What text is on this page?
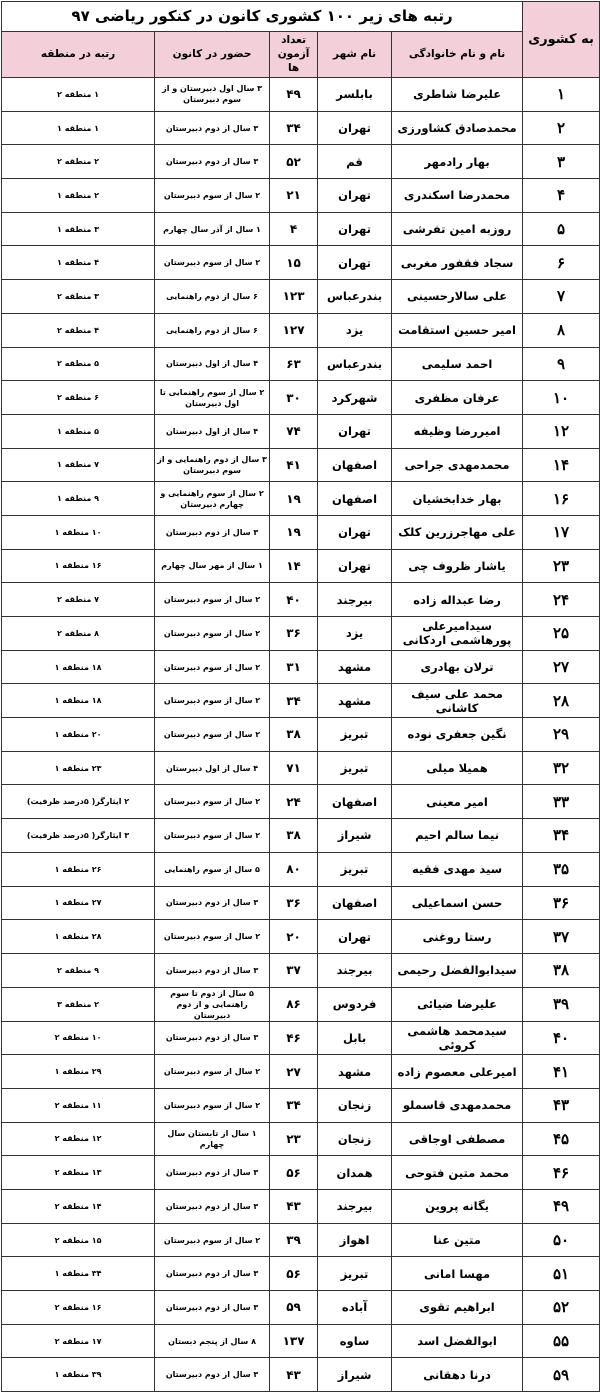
به کشوری	رتبه های زیر ۱۰۰ کشوری کانون در کنکور ریاضی ۹۷				
	نام و نام خانوادگی	نام شهر	تعداد آزمون ها	حضور در کانون	رتبه در منطقه
۱	علیرضا شاطری	بابلسر	۴۹	۳ سال اول دبیرستان و از سوم دبیرستان	۱ منطقه ۲
۲	محمدصادق کشاورزی	تهران	۳۴	۳ سال از دوم دبیرستان	۱ منطقه ۱
۳	بهار رادمهر	قم	۵۲	۳ سال از دوم دبیرستان	۲ منطقه ۲
۴	محمدرضا اسکندری	تهران	۲۱	۲ سال از سوم دبیرستان	۲ منطقه ۱
۵	روزبه امین تفرشی	تهران	۴	۱ سال از آذر سال چهارم	۳ منطقه ۱
۶	سجاد فقفور مغربی	تهران	۱۵	۲ سال از سوم دبیرستان	۴ منطقه ۱
۷	علی سالارحسینی	بندرعباس	۱۲۳	۶ سال از دوم راهنمایی	۳ منطقه ۲
۸	امیر حسین استقامت	یزد	۱۲۷	۶ سال از دوم راهنمایی	۴ منطقه ۲
۹	احمد سلیمی	بندرعباس	۶۳	۴ سال از اول دبیرستان	۵ منطقه ۲
۱۰	عرفان مظفری	شهرکرد	۳۰	۲ سال از سوم راهنمایی تا اول دبیرستان	۶ منطقه ۲
۱۲	امیررضا وظیفه	تهران	۷۴	۴ سال از اول دبیرستان	۵ منطقه ۱
۱۴	محمدمهدی جراحی	اصفهان	۴۱	۳ سال از دوم راهنمایی و از سوم دبیرستان	۷ منطقه ۱
۱۶	بهار خدابخشیان	اصفهان	۱۹	۲ سال از سوم راهنمایی و چهارم دبیرستان	۹ منطقه ۱
۱۷	علی مهاجرزرین کلک	تهران	۱۹	۳ سال از دوم دبیرستان	۱۰ منطقه ۱
۲۳	یاشار ظروف چی	تهران	۱۴	۱ سال از مهر سال چهارم	۱۶ منطقه ۱
۲۴	رضا عبداله زاده	بیرجند	۴۰	۲ سال از سوم دبیرستان	۷ منطقه ۲
۲۵	سیدامیرعلی پورهاشمی اردکانی	یزد	۳۶	۲ سال از سوم دبیرستان	۸ منطقه ۲
۲۷	ترلان بهادری	مشهد	۳۱	۲ سال از سوم دبیرستان	۱۸ منطقه ۱
۲۸	محمد علی سیف کاشانی	مشهد	۳۴	۲ سال از سوم دبیرستان	۱۸ منطقه ۱
۲۹	نگین جعفری نوده	تبریز	۳۸	۲ سال از سوم دبیرستان	۲۰ منطقه ۱
۳۲	همیلا میلی	تبریز	۷۱	۴ سال از اول دبیرستان	۲۳ منطقه ۱
۳۳	امیر معینی	اصفهان	۲۴	۲ سال از سوم دبیرستان	۲ ایثارگر( ۵درصد ظرفیت)
۳۴	نیما سالم احیم	شیراز	۳۸	۲ سال از سوم دبیرستان	۳ ایثارگر( ۵درصد ظرفیت)
۳۵	سید مهدی فقیه	تبریز	۸۰	۵ سال از سوم راهنمایی	۲۶ منطقه ۱
۳۶	حسن اسماعیلی	اصفهان	۳۶	۳ سال از دوم دبیرستان	۲۷ منطقه ۱
۳۷	رستا روغنی	تهران	۲۰	۲ سال از سوم دبیرستان	۲۸ منطقه ۱
۳۸	سیدابوالفضل رحیمی	بیرجند	۳۷	۳ سال از دوم دبیرستان	۹ منطقه ۲
۳۹	علیرضا ضیائی	فردوس	۸۶	۵ سال از دوم تا سوم راهنمایی و از دوم دبیرستان	۲ منطقه ۳
۴۰	سیدمحمد هاشمی کروئی	بابل	۴۶	۳ سال از دوم دبیرستان	۱۰ منطقه ۲
۴۱	امیرعلی معصوم زاده	مشهد	۲۷	۲ سال از سوم دبیرستان	۲۹ منطقه ۱
۴۳	محمدمهدی قاسملو	زنجان	۳۴	۲ سال از سوم دبیرستان	۱۱ منطقه ۲
۴۵	مصطفی اوجاقی	زنجان	۲۳	۱ سال از تابستان سال چهارم	۱۲ منطقه ۲
۴۶	محمد متین فتوحی	همدان	۵۶	۳ سال از دوم دبیرستان	۱۳ منطقه ۲
۴۹	یگانه پروین	بیرجند	۴۳	۳ سال از دوم دبیرستان	۱۴ منطقه ۲
۵۰	متین عنا	اهواز	۳۹	۲ سال از سوم دبیرستان	۱۵ منطقه ۲
۵۱	مهسا امانی	تبریز	۵۶	۳ سال از دوم دبیرستان	۳۴ منطقه ۱
۵۲	ابراهیم تقوی	آباده	۵۹	۳ سال از دوم دبیرستان	۱۶ منطقه ۲
۵۵	ابوالفضل اسد	ساوه	۱۳۷	۸ سال از پنجم دبستان	۱۷ منطقه ۲
۵۹	درنا دهقانی	شیراز	۴۳	۳ سال از دوم دبیرستان	۳۹ منطقه ۱
